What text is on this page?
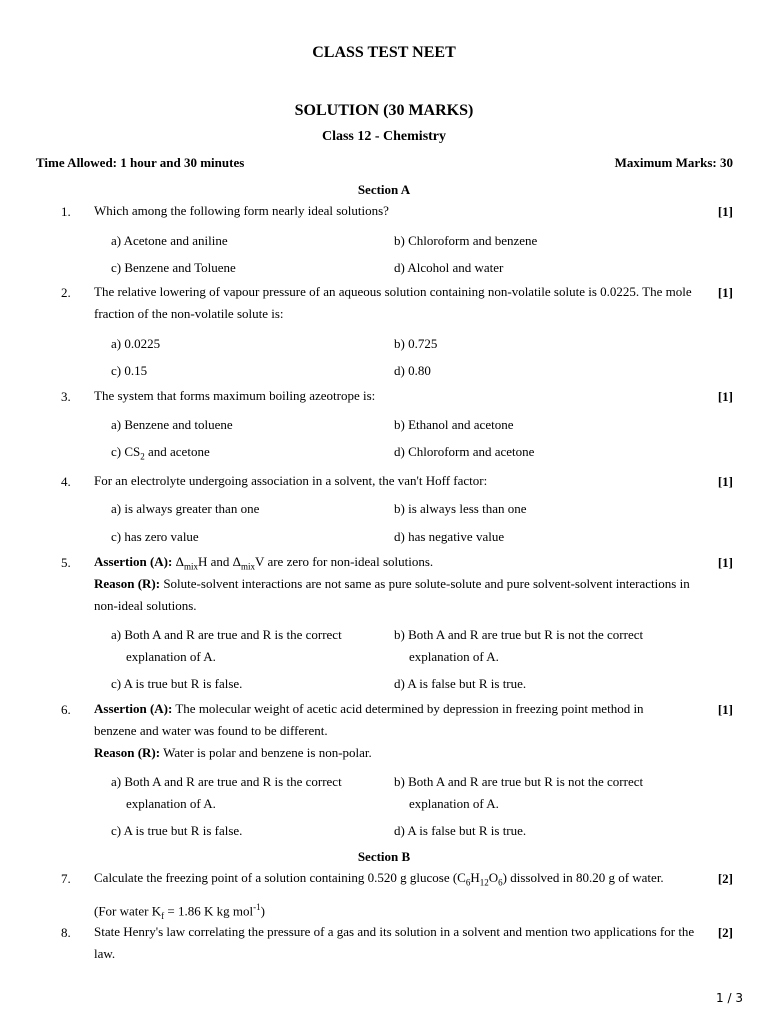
CLASS TEST NEET
SOLUTION (30 MARKS)
Class 12 - Chemistry
Time Allowed: 1 hour and 30 minutes	Maximum Marks: 30
Section A
1. Which among the following form nearly ideal solutions?	[1]
a) Acetone and aniline	b) Chloroform and benzene
c) Benzene and Toluene	d) Alcohol and water
2. The relative lowering of vapour pressure of an aqueous solution containing non-volatile solute is 0.0225. The mole fraction of the non-volatile solute is:
[1]
a) 0.0225	b) 0.725
c) 0.15	d) 0.80
3. The system that forms maximum boiling azeotrope is:	[1]
a) Benzene and toluene	b) Ethanol and acetone
c) $CS_2$ and acetone	d) Chloroform and acetone
4. For an electrolyte undergoing association in a solvent, the van't Hoff factor:	[1]
a) is always greater than one	b) is always less than one
c) has zero value	d) has negative value
5. Assertion (A): $\Delta_{mix}H$ and $\Delta_{mix}V$ are zero for non-ideal solutions.	[1]
Reason (R): Solute-solvent interactions are not same as pure solute-solute and pure solvent-solvent interactions in non-ideal solutions.
a) Both A and R are true and R is the correct explanation of A.
b) Both A and R are true but R is not the correct explanation of A.
c) A is true but R is false.	d) A is false but R is true.
6. Assertion (A): The molecular weight of acetic acid determined by depression in freezing point method in benzene and water was found to be different.
[1]
Reason (R): Water is polar and benzene is non-polar.
a) Both A and R are true and R is the correct explanation of A.
b) Both A and R are true but R is not the correct explanation of A.
c) A is true but R is false.	d) A is false but R is true.
Section B
7. Calculate the freezing point of a solution containing 0.520 g glucose $(C_6H_{12}O_6)$ dissolved in 80.20 g of water.	[2]
(For water $K_f = 1.86$ K kg mol$^{-1}$)
8. State Henry's law correlating the pressure of a gas and its solution in a solvent and mention two applications for the law.
[2]
1 / 3
